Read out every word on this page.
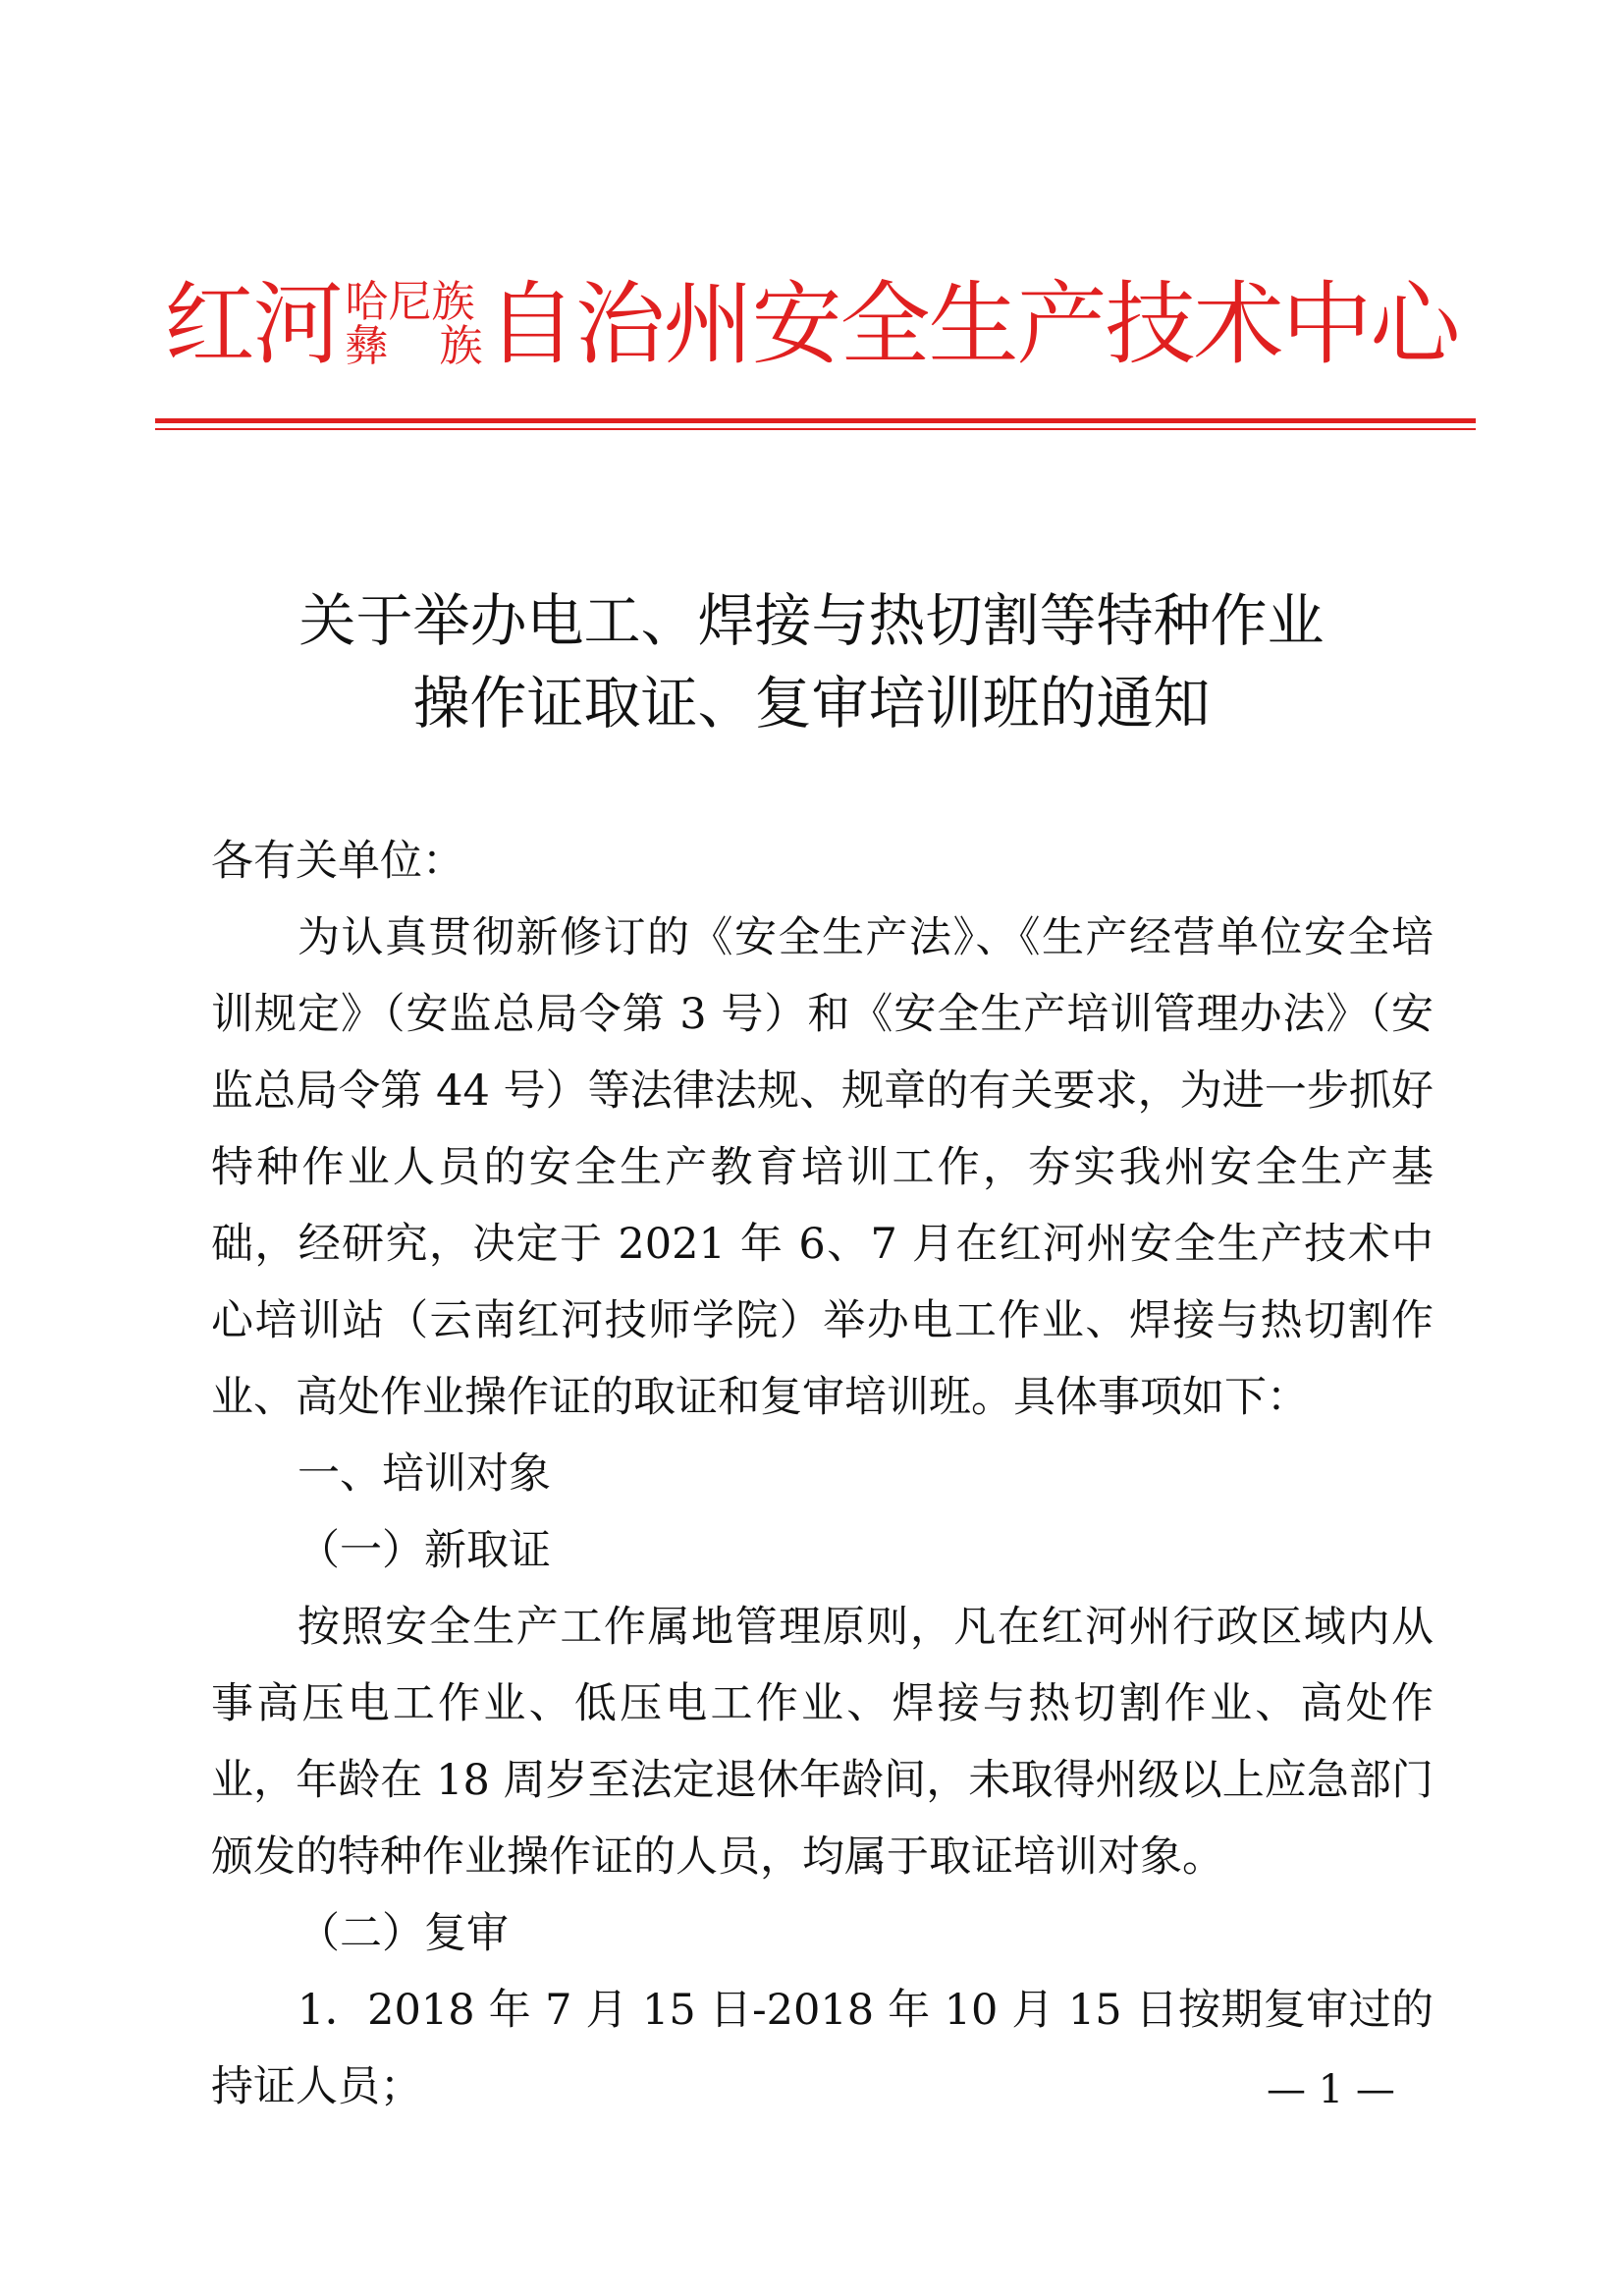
红河 哈尼族
彝 族 自治州安全生产技术中心
关于举办电工、焊接与热切割等特种作业
操作证取证、复审培训班的通知

各有关单位：

为认真贯彻新修订的《安全生产法》、《生产经营单位安全培训规定》（安监总局令第 3 号）和《安全生产培训管理办法》（安监总局令第 44 号）等法律法规、规章的有关要求，为进一步抓好特种作业人员的安全生产教育培训工作，夯实我州安全生产基础，经研究，决定于 2021 年 6、7 月在红河州安全生产技术中心培训站（云南红河技师学院）举办电工作业、焊接与热切割作业、高处作业操作证的取证和复审培训班。具体事项如下：

一、培训对象

（一）新取证

按照安全生产工作属地管理原则，凡在红河州行政区域内从事高压电工作业、低压电工作业、焊接与热切割作业、高处作业，年龄在 18 周岁至法定退休年龄间，未取得州级以上应急部门颁发的特种作业操作证的人员，均属于取证培训对象。

（二）复审

1．2018 年 7 月 15 日-2018 年 10 月 15 日按期复审过的持证人员；	— 1 —
